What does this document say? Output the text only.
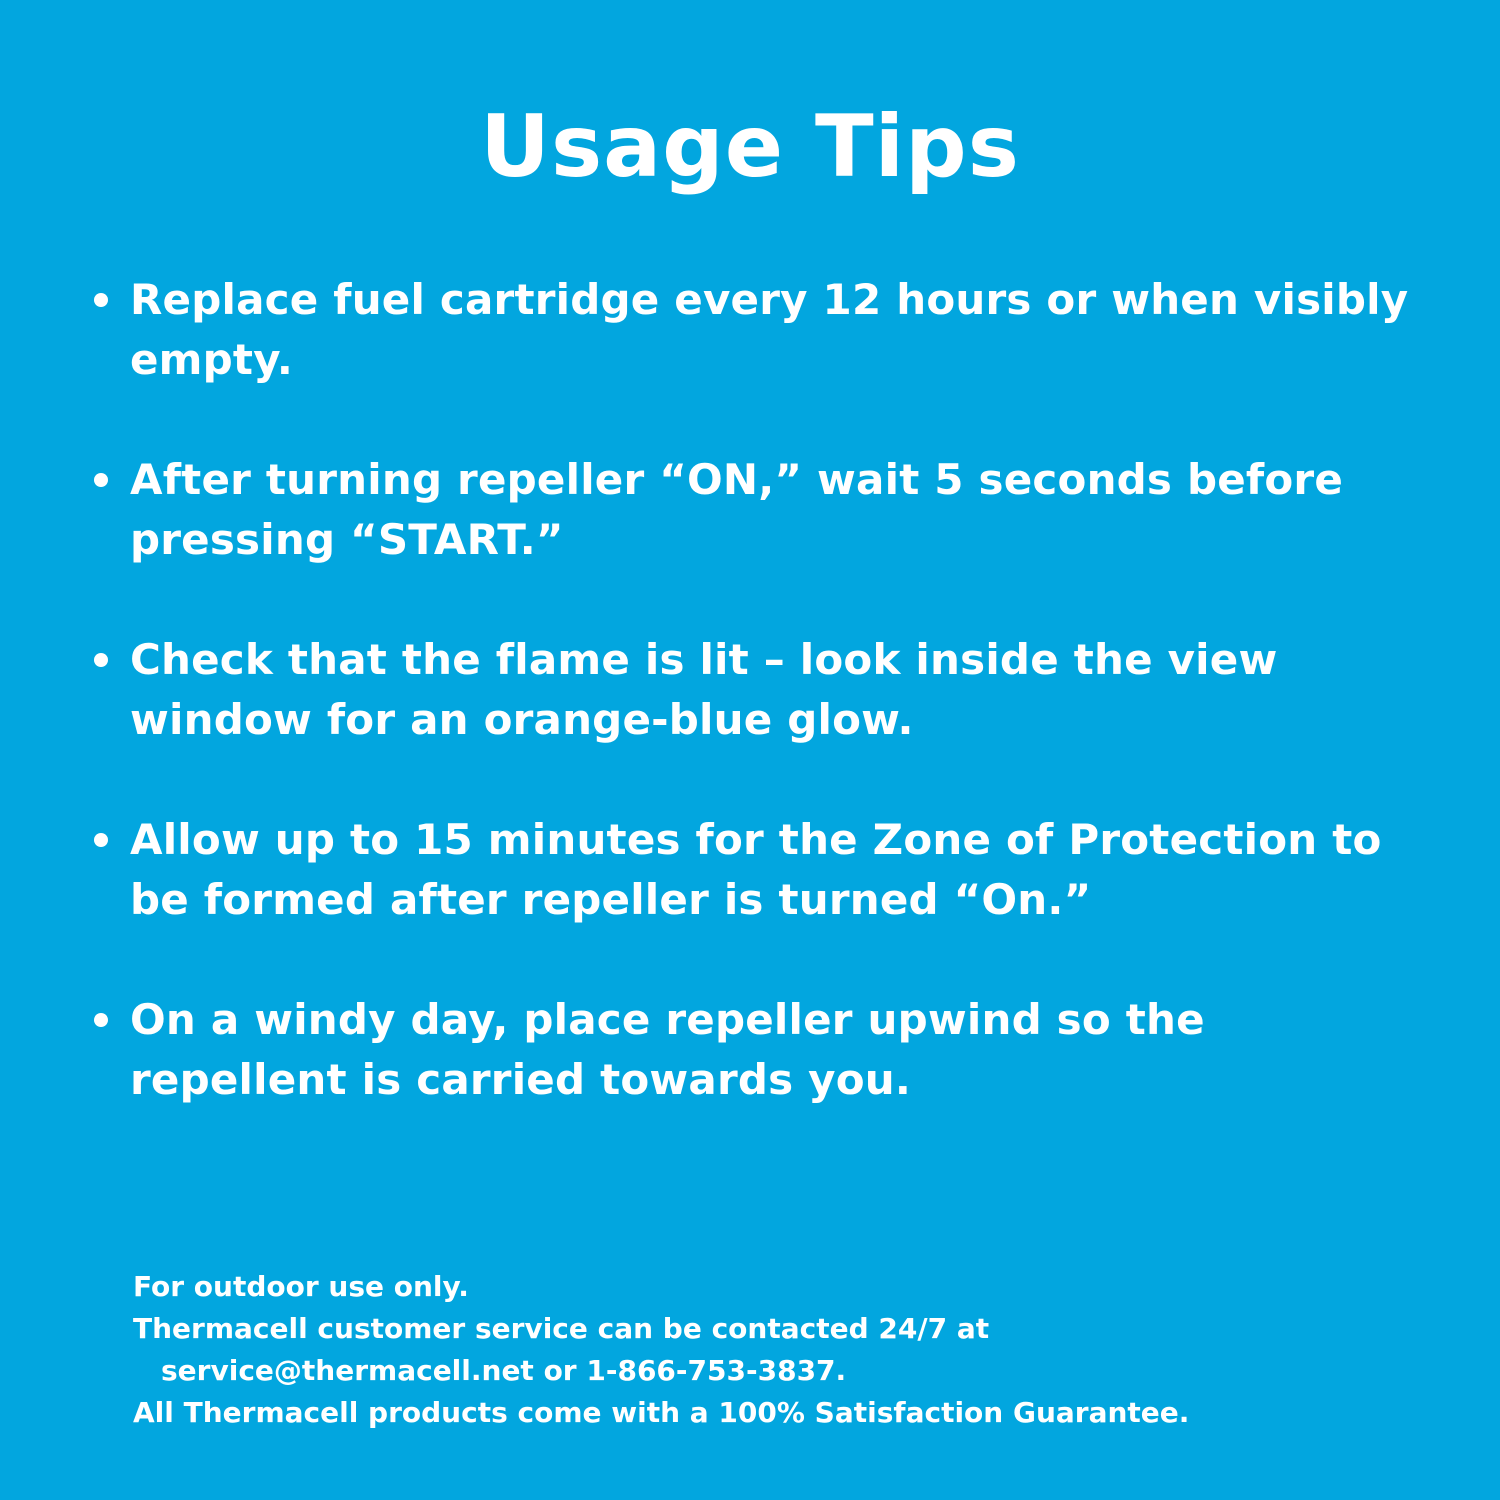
Usage Tips
Replace fuel cartridge every 12 hours or when visibly empty.
After turning repeller “ON,” wait 5 seconds before pressing “START.”
Check that the flame is lit – look inside the view window for an orange-blue glow.
Allow up to 15 minutes for the Zone of Protection to be formed after repeller is turned “On.”
On a windy day, place repeller upwind so the repellent is carried towards you.
For outdoor use only.
Thermacell customer service can be contacted 24/7 at
service@thermacell.net or 1-866-753-3837.
All Thermacell products come with a 100% Satisfaction Guarantee.
